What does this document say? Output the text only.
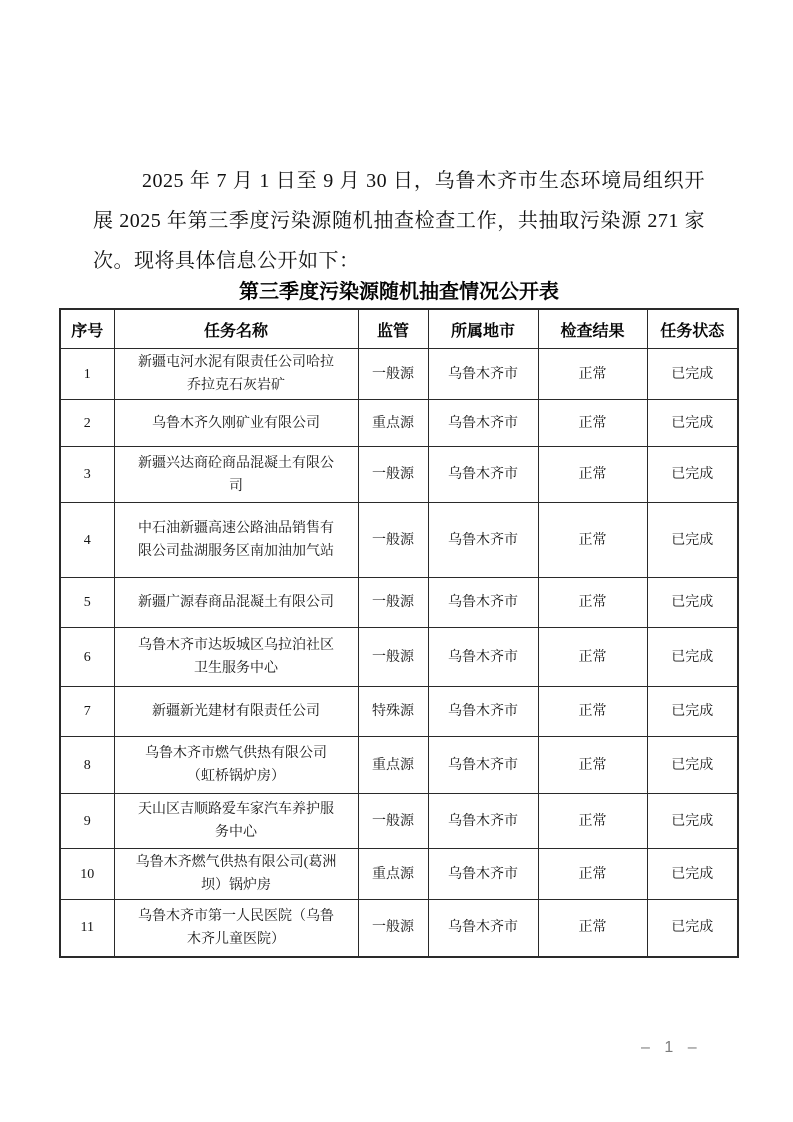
2025 年 7 月 1 日至 9 月 30 日，乌鲁木齐市生态环境局组织开展 2025 年第三季度污染源随机抽查检查工作，共抽取污染源 271 家次。现将具体信息公开如下：

第三季度污染源随机抽查情况公开表
序号	任务名称	监管	所属地市	检查结果	任务状态
1	新疆屯河水泥有限责任公司哈拉乔拉克石灰岩矿	一般源	乌鲁木齐市	正常	已完成
2	乌鲁木齐久刚矿业有限公司	重点源	乌鲁木齐市	正常	已完成
3	新疆兴达商砼商品混凝土有限公司	一般源	乌鲁木齐市	正常	已完成
4	中石油新疆高速公路油品销售有限公司盐湖服务区南加油加气站	一般源	乌鲁木齐市	正常	已完成
5	新疆广源春商品混凝土有限公司	一般源	乌鲁木齐市	正常	已完成
6	乌鲁木齐市达坂城区乌拉泊社区卫生服务中心	一般源	乌鲁木齐市	正常	已完成
7	新疆新光建材有限责任公司	特殊源	乌鲁木齐市	正常	已完成
8	乌鲁木齐市燃气供热有限公司（虹桥锅炉房）	重点源	乌鲁木齐市	正常	已完成
9	天山区吉顺路爱车家汽车养护服务中心	一般源	乌鲁木齐市	正常	已完成
10	乌鲁木齐燃气供热有限公司(葛洲坝）锅炉房	重点源	乌鲁木齐市	正常	已完成
11	乌鲁木齐市第一人民医院（乌鲁木齐儿童医院）	一般源	乌鲁木齐市	正常	已完成
– 1 –
